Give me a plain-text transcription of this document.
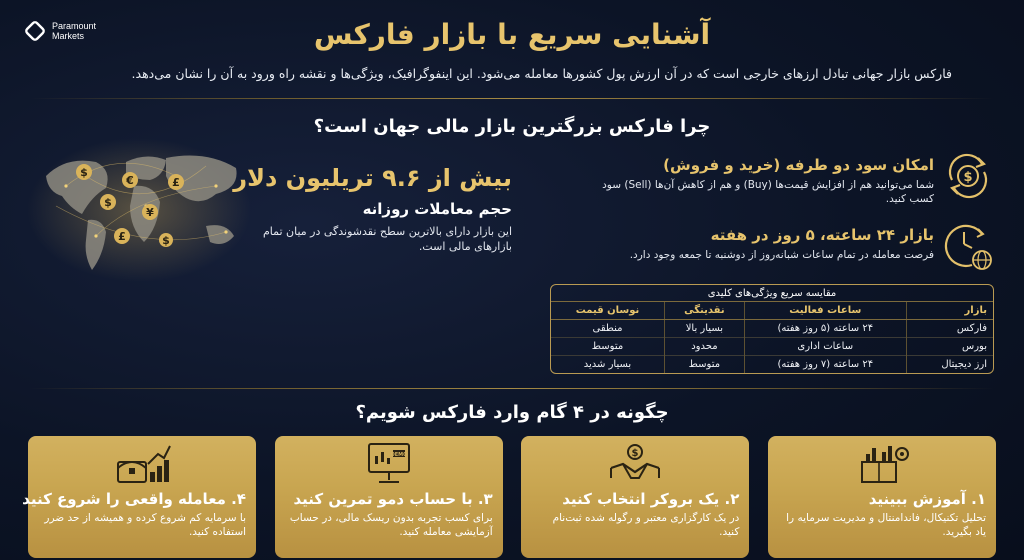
Paramount
Markets	آشنایی سریع با بازار فارکس

فارکس بازار جهانی تبادل ارزهای خارجی است که در آن ارزش پول کشورها معامله می‌شود. این اینفوگرافیک، ویژگی‌ها و نقشه راه ورود به آن را نشان می‌دهد.

چرا فارکس بزرگترین بازار مالی جهان است؟
$
€	£
$
¥
£	$
بیش از ۹.۶ تریلیون دلار
حجم معاملات روزانه
این بازار دارای بالاترین سطح نقدشوندگی در میان تمام بازارهای مالی است.
$
امکان سود دو طرفه (خرید و فروش)
شما می‌توانید هم از افزایش قیمت‌ها (Buy) و هم از کاهش آن‌ها (Sell) سود کسب کنید.
بازار ۲۴ ساعته، ۵ روز در هفته
فرصت معامله در تمام ساعات شبانه‌روز از دوشنبه تا جمعه وجود دارد.
مقایسه سریع ویژگی‌های کلیدی
بازار	ساعات فعالیت	نقدینگی	نوسان قیمت
فارکس	۲۴ ساعته (۵ روز هفته)	بسیار بالا	منطقی
بورس	ساعات اداری	محدود	متوسط
ارز دیجیتال	۲۴ ساعته (۷ روز هفته)	متوسط	بسیار شدید
چگونه در ۴ گام وارد فارکس شویم؟
۱. آموزش ببینید
تحلیل تکنیکال، فاندامنتال و مدیریت سرمایه را یاد بگیرید.
$
۲. یک بروکر انتخاب کنید
در یک کارگزاری معتبر و رگوله شده ثبت‌نام کنید.
DEMO
۳. با حساب دمو تمرین کنید
برای کسب تجربه بدون ریسک مالی، در حساب آزمایشی معامله کنید.
۴. معامله واقعی را شروع کنید
با سرمایه کم شروع کرده و همیشه از حد ضرر استفاده کنید.
